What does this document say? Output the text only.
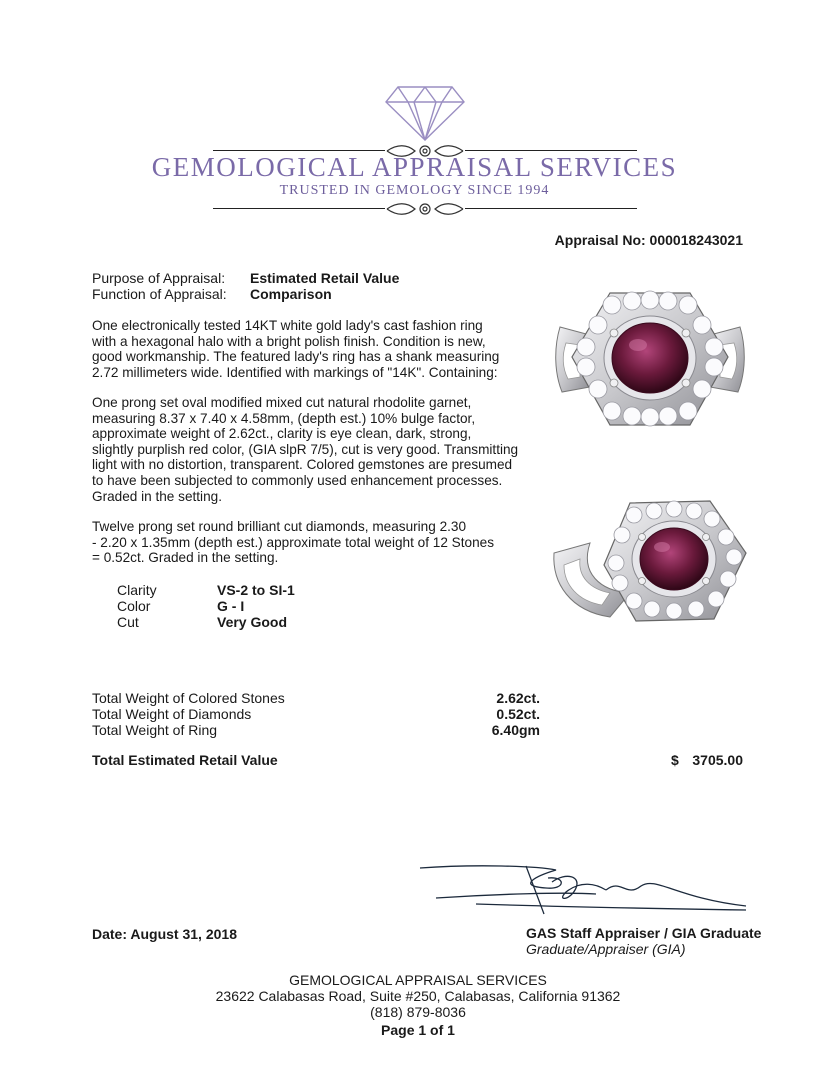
GEMOLOGICAL APPRAISAL SERVICES
TRUSTED IN GEMOLOGY SINCE 1994
Appraisal No: 000018243021
Purpose of Appraisal: Estimated Retail Value
Function of Appraisal: Comparison
One electronically tested 14KT white gold lady's cast fashion ring
with a hexagonal halo with a bright polish finish. Condition is new,
good workmanship. The featured lady's ring has a shank measuring
2.72 millimeters wide. Identified with markings of "14K". Containing:
One prong set oval modified mixed cut natural rhodolite garnet,
measuring 8.37 x 7.40 x 4.58mm, (depth est.) 10% bulge factor,
approximate weight of 2.62ct., clarity is eye clean, dark, strong,
slightly purplish red color, (GIA slpR 7/5), cut is very good. Transmitting
light with no distortion, transparent. Colored gemstones are presumed
to have been subjected to commonly used enhancement processes.
Graded in the setting.
Twelve prong set round brilliant cut diamonds, measuring 2.30
- 2.20 x 1.35mm (depth est.) approximate total weight of 12 Stones
= 0.52ct. Graded in the setting.
Clarity	VS-2 to SI-1
Color	G - I
Cut	Very Good
Total Weight of Colored Stones	2.62ct.
Total Weight of Diamonds	0.52ct.
Total Weight of Ring	6.40gm
Total Estimated Retail Value	$ 3705.00
Date: August 31, 2018	GAS Staff Appraiser / GIA Graduate
Graduate/Appraiser (GIA)
GEMOLOGICAL APPRAISAL SERVICES
23622 Calabasas Road, Suite #250, Calabasas, California 91362
(818) 879-8036
Page 1 of 1
